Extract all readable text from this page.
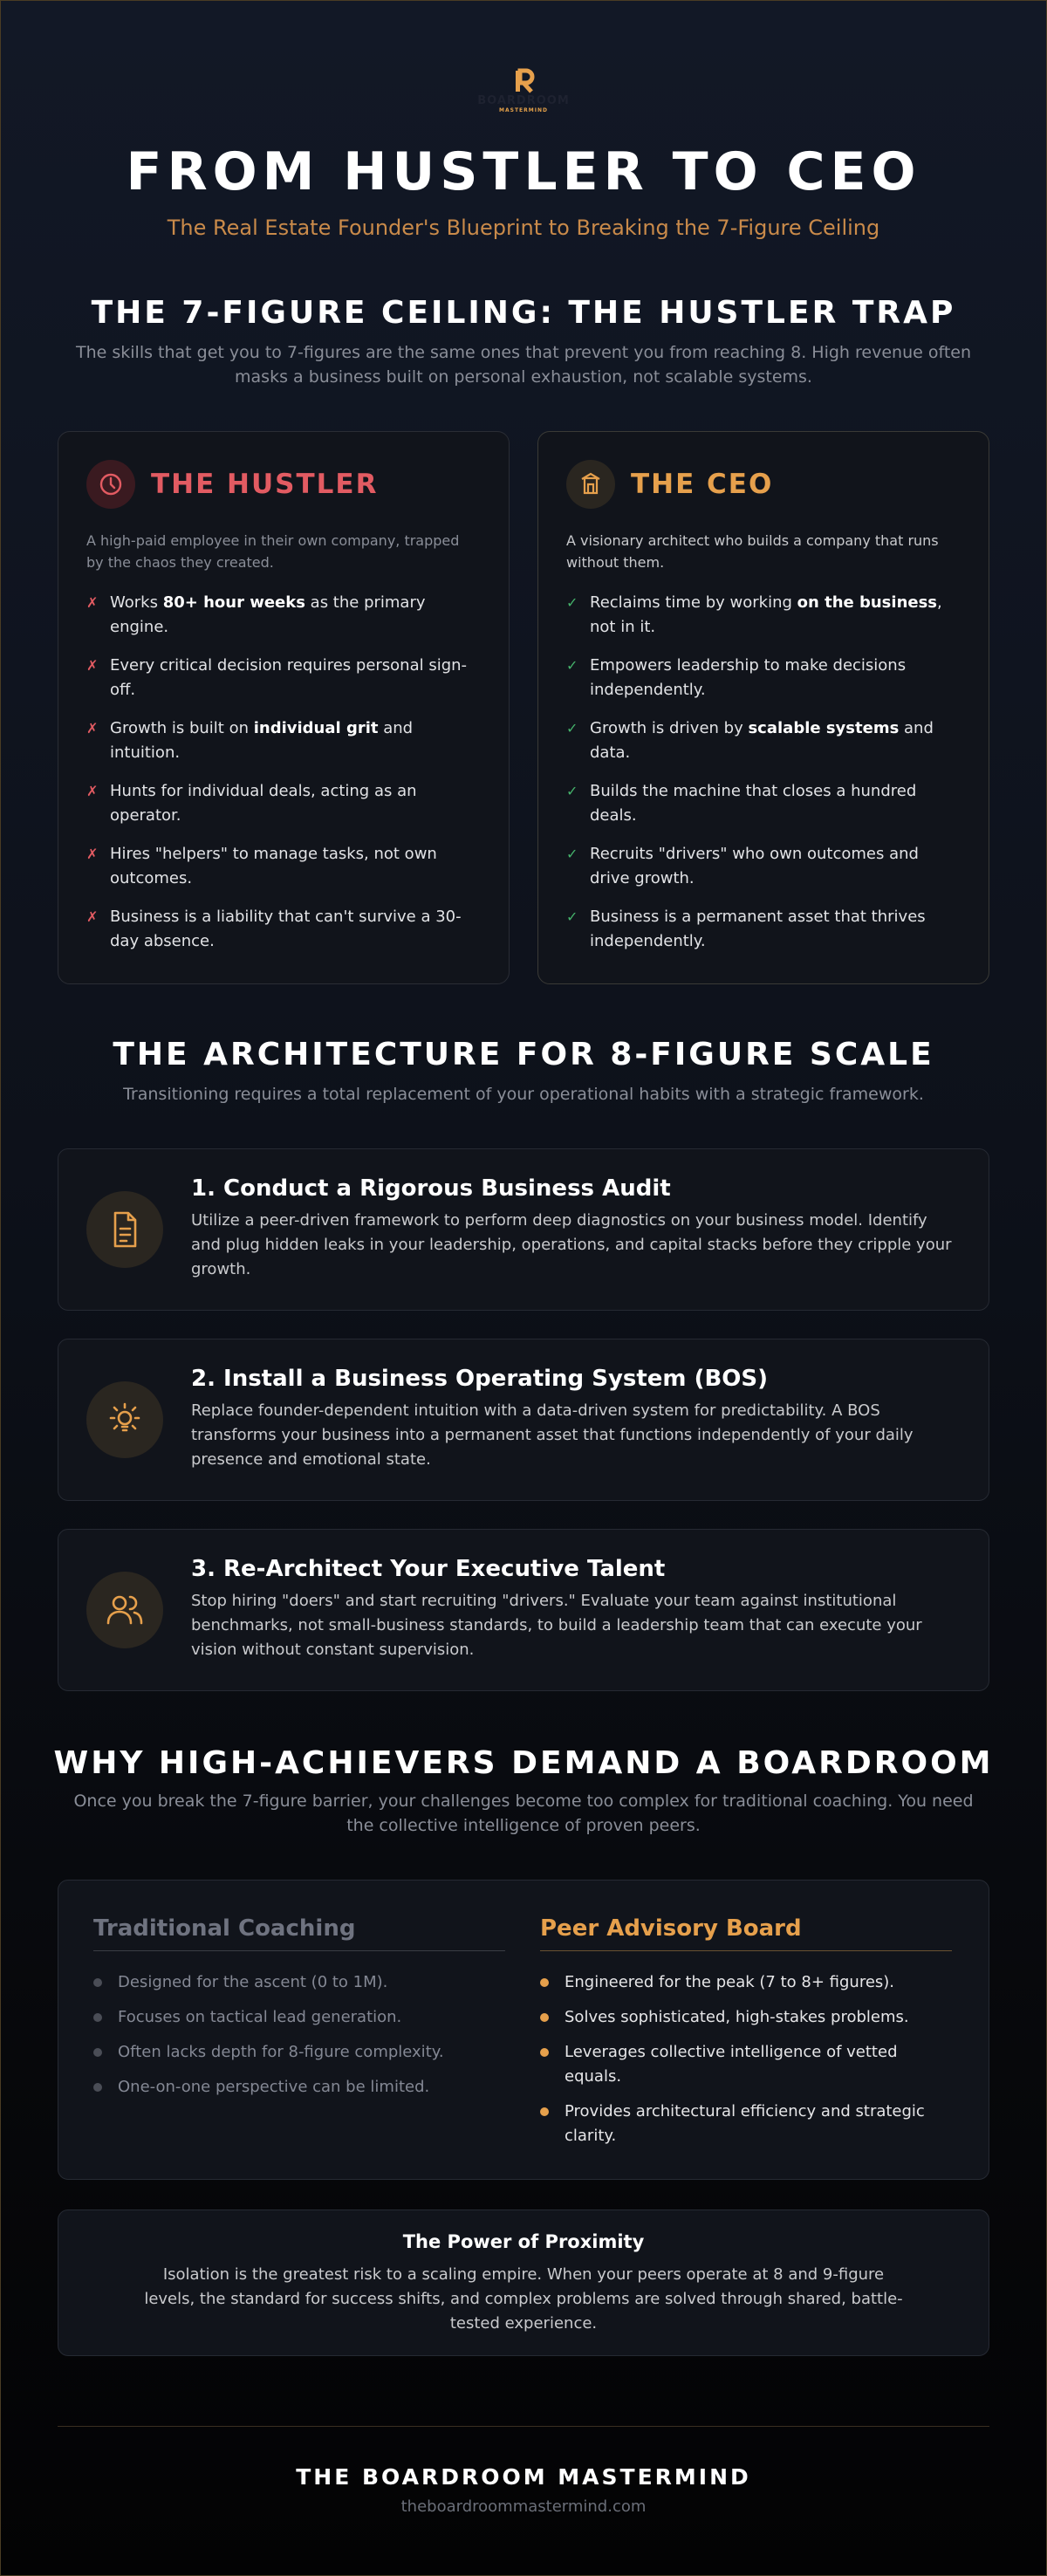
BOARDROOM
MASTERMIND
FROM HUSTLER TO CEO
The Real Estate Founder's Blueprint to Breaking the 7-Figure Ceiling
THE 7-FIGURE CEILING: THE HUSTLER TRAP
The skills that get you to 7-figures are the same ones that prevent you from reaching 8. High revenue often masks a business built on personal exhaustion, not scalable systems.
THE HUSTLER
A high-paid employee in their own company, trapped by the chaos they created.
✗ Works 80+ hour weeks as the primary engine.
✗ Every critical decision requires personal sign-off.
✗ Growth is built on individual grit and intuition.
✗ Hunts for individual deals, acting as an operator.
✗ Hires "helpers" to manage tasks, not own outcomes.
✗ Business is a liability that can't survive a 30-day absence.
THE CEO
A visionary architect who builds a company that runs without them.
✓ Reclaims time by working on the business, not in it.
✓ Empowers leadership to make decisions independently.
✓ Growth is driven by scalable systems and data.
✓ Builds the machine that closes a hundred deals.
✓ Recruits "drivers" who own outcomes and drive growth.
✓ Business is a permanent asset that thrives independently.
THE ARCHITECTURE FOR 8-FIGURE SCALE
Transitioning requires a total replacement of your operational habits with a strategic framework.
1. Conduct a Rigorous Business Audit
Utilize a peer-driven framework to perform deep diagnostics on your business model. Identify and plug hidden leaks in your leadership, operations, and capital stacks before they cripple your growth.
2. Install a Business Operating System (BOS)
Replace founder-dependent intuition with a data-driven system for predictability. A BOS transforms your business into a permanent asset that functions independently of your daily presence and emotional state.
3. Re-Architect Your Executive Talent
Stop hiring "doers" and start recruiting "drivers." Evaluate your team against institutional benchmarks, not small-business standards, to build a leadership team that can execute your vision without constant supervision.
WHY HIGH-ACHIEVERS DEMAND A BOARDROOM
Once you break the 7-figure barrier, your challenges become too complex for traditional coaching. You need the collective intelligence of proven peers.
Traditional Coaching
Designed for the ascent (0 to 1M).
Focuses on tactical lead generation.
Often lacks depth for 8-figure complexity.
One-on-one perspective can be limited.
Peer Advisory Board
Engineered for the peak (7 to 8+ figures).
Solves sophisticated, high-stakes problems.
Leverages collective intelligence of vetted equals.
Provides architectural efficiency and strategic clarity.
The Power of Proximity
Isolation is the greatest risk to a scaling empire. When your peers operate at 8 and 9-figure levels, the standard for success shifts, and complex problems are solved through shared, battle-tested experience.
THE BOARDROOM MASTERMIND
theboardroommastermind.com
